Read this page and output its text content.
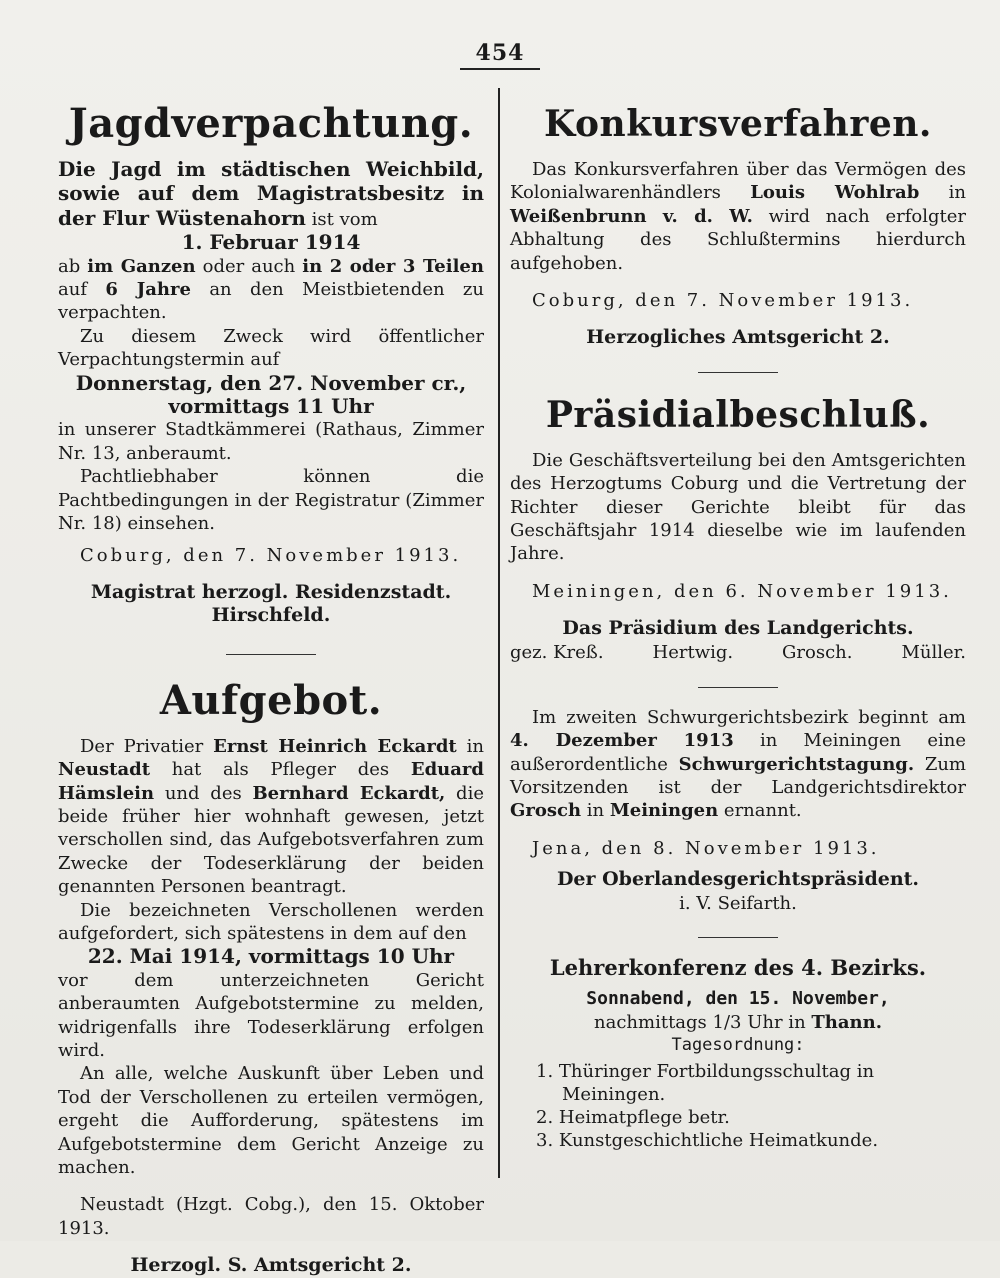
454
Jagdverpachtung.

Die Jagd im städtischen Weichbild, sowie auf dem Magistratsbesitz in der Flur Wüstenahorn ist vom

1. Februar 1914

ab im Ganzen oder auch in 2 oder 3 Teilen auf 6 Jahre an den Meistbietenden zu verpachten.

Zu diesem Zweck wird öffentlicher Verpachtungstermin auf

Donnerstag, den 27. November cr., vormittags 11 Uhr

in unserer Stadtkämmerei (Rathaus, Zimmer Nr. 13, anberaumt.

Pachtliebhaber können die Pachtbedingungen in der Registratur (Zimmer Nr. 18) einsehen.

Coburg, den 7. November 1913.

Magistrat herzogl. Residenzstadt.

Hirschfeld.

Aufgebot.

Der Privatier Ernst Heinrich Eckardt in Neustadt hat als Pfleger des Eduard Hämslein und des Bernhard Eckardt, die beide früher hier wohnhaft gewesen, jetzt verschollen sind, das Aufgebotsverfahren zum Zwecke der Todeserklärung der beiden genannten Personen beantragt.

Die bezeichneten Verschollenen werden aufgefordert, sich spätestens in dem auf den

22. Mai 1914, vormittags 10 Uhr

vor dem unterzeichneten Gericht anberaumten Aufgebotstermine zu melden, widrigenfalls ihre Todeserklärung erfolgen wird.

An alle, welche Auskunft über Leben und Tod der Verschollenen zu erteilen vermögen, ergeht die Aufforderung, spätestens im Aufgebotstermine dem Gericht Anzeige zu machen.

Neustadt (Hzgt. Cobg.), den 15. Oktober 1913.

Herzogl. S. Amtsgericht 2.

Konkursverfahren.

Das Konkursverfahren über das Vermögen des Kolonialwarenhändlers Louis Wohlrab in Weißenbrunn v. d. W. wird nach erfolgter Abhaltung des Schlußtermins hierdurch aufgehoben.

Coburg, den 7. November 1913.

Herzogliches Amtsgericht 2.

Präsidialbeschluß.

Die Geschäftsverteilung bei den Amtsgerichten des Herzogtums Coburg und die Vertretung der Richter dieser Gerichte bleibt für das Geschäftsjahr 1914 dieselbe wie im laufenden Jahre.

Meiningen, den 6. November 1913.

Das Präsidium des Landgerichts.

gez. Kreß.	Hertwig.	Grosch.	Müller.

Im zweiten Schwurgerichtsbezirk beginnt am 4. Dezember 1913 in Meiningen eine außerordentliche Schwurgerichtstagung. Zum Vorsitzenden ist der Landgerichtsdirektor Grosch in Meiningen ernannt.

Jena, den 8. November 1913.

Der Oberlandesgerichtspräsident.

i. V. Seifarth.

Lehrerkonferenz des 4. Bezirks.

Sonnabend, den 15. November,

nachmittags 1/3 Uhr in Thann.

Tagesordnung:

1. Thüringer Fortbildungsschultag in Meiningen.
2. Heimatpflege betr.
3. Kunstgeschichtliche Heimatkunde.
